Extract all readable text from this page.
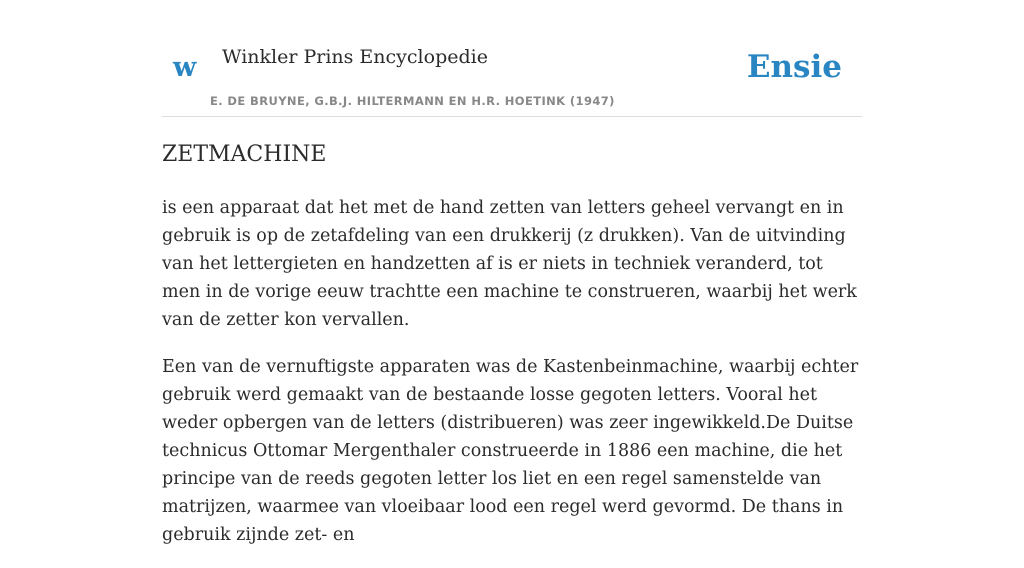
w Winkler Prins Encyclopedie
E. DE BRUYNE, G.B.J. HILTERMANN EN H.R. HOETINK (1947)
Ensie
ZETMACHINE

is een apparaat dat het met de hand zetten van letters geheel vervangt en in gebruik is op de zetafdeling van een drukkerij (z drukken). Van de uitvinding van het lettergieten en handzetten af is er niets in techniek veranderd, tot men in de vorige eeuw trachtte een machine te construeren, waarbij het werk van de zetter kon vervallen.

Een van de vernuftigste apparaten was de Kastenbeinmachine, waarbij echter gebruik werd gemaakt van de bestaande losse gegoten letters. Vooral het weder opbergen van de letters (distribueren) was zeer ingewikkeld.De Duitse technicus Ottomar Mergenthaler construeerde in 1886 een machine, die het principe van de reeds gegoten letter los liet en een regel samenstelde van matrijzen, waarmee van vloeibaar lood een regel werd gevormd. De thans in gebruik zijnde zet- en
